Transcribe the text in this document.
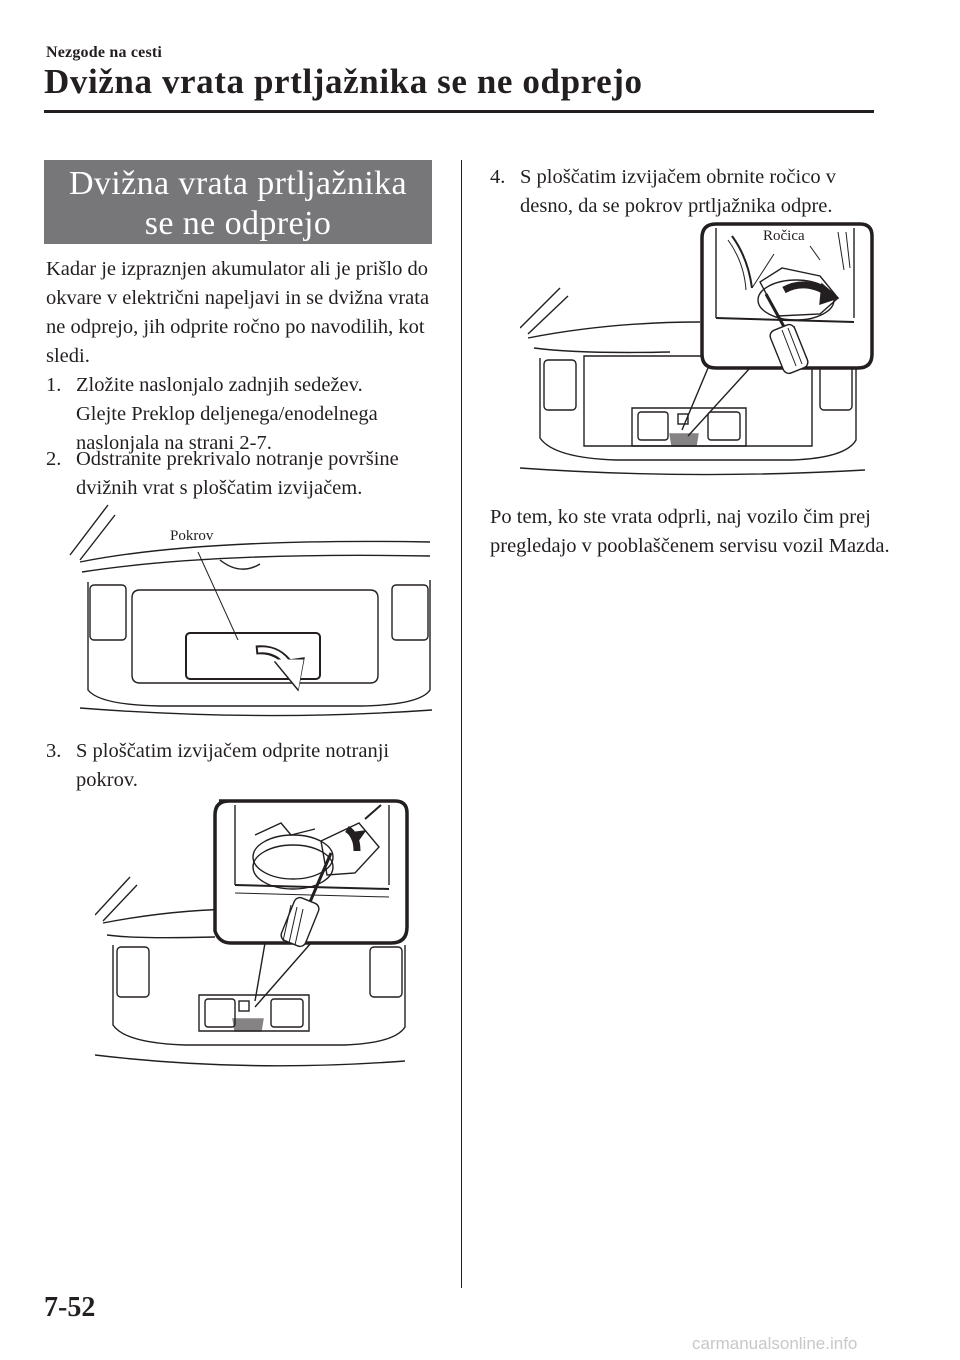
Nezgode na cesti
Dvižna vrata prtljažnika se ne odprejo
Dvižna vrata prtljažnika
se ne odprejo
Kadar je izpraznjen akumulator ali je prišlo do okvare v električni napeljavi in se dvižna vrata ne odprejo, jih odprite ročno po navodilih, kot sledi.
1. Zložite naslonjalo zadnjih sedežev.
Glejte Preklop deljenega/enodelnega
naslonjala na strani 2-7.
2. Odstranite prekrivalo notranje površine
dvižnih vrat s ploščatim izvijačem.
Pokrov
3. S ploščatim izvijačem odprite notranji
pokrov.
4. S ploščatim izvijačem obrnite ročico v
desno, da se pokrov prtljažnika odpre.
Ročica
Po tem, ko ste vrata odprli, naj vozilo čim prej pregledajo v pooblaščenem servisu vozil Mazda.
7-52
carmanualsonline.info
